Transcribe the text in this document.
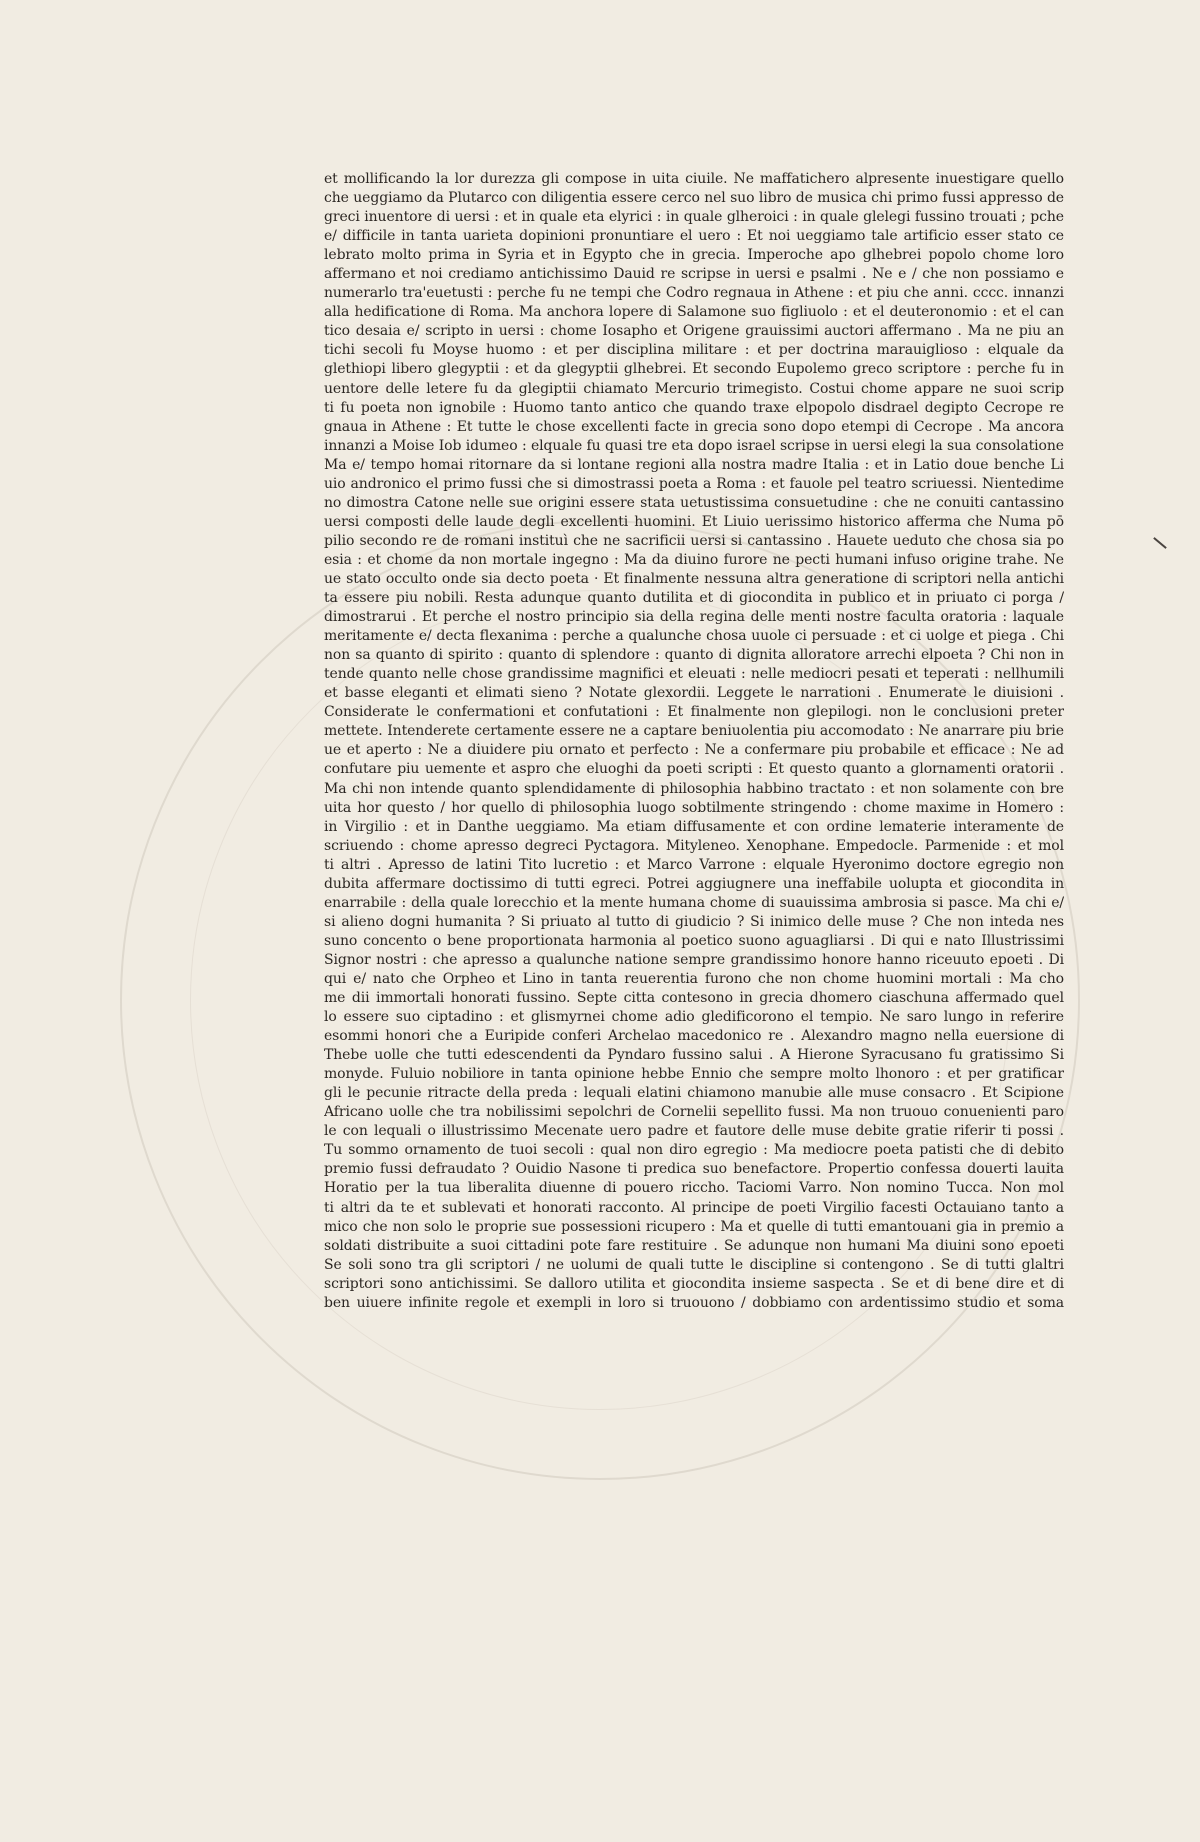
et mollificando la lor durezza gli compose in uita ciuile. Ne maffatichero alpresente inuestigare quello
che ueggiamo da Plutarco con diligentia essere cerco nel suo libro de musica chi primo fussi appresso de
greci inuentore di uersi : et in quale eta elyrici : in quale glheroici : in quale glelegi fussino trouati ; pche
e/ difficile in tanta uarieta dopinioni pronuntiare el uero : Et noi ueggiamo tale artificio esser stato ce
lebrato molto prima in Syria et in Egypto che in grecia. Imperoche apo glhebrei popolo chome loro
affermano et noi crediamo antichissimo Dauid re scripse in uersi e psalmi . Ne e / che non possiamo e
numerarlo tra'euetusti : perche fu ne tempi che Codro regnaua in Athene : et piu che anni. cccc. innanzi
alla hedificatione di Roma. Ma anchora lopere di Salamone suo figliuolo : et el deuteronomio : et el can
tico desaia e/ scripto in uersi : chome Iosapho et Origene grauissimi auctori affermano . Ma ne piu an
tichi secoli fu Moyse huomo : et per disciplina militare : et per doctrina marauiglioso : elquale da
glethiopi libero glegyptii : et da glegyptii glhebrei. Et secondo Eupolemo greco scriptore : perche fu in
uentore delle letere fu da glegiptii chiamato Mercurio trimegisto. Costui chome appare ne suoi scrip
ti fu poeta non ignobile : Huomo tanto antico che quando traxe elpopolo disdrael degipto Cecrope re
gnaua in Athene : Et tutte le chose excellenti facte in grecia sono dopo etempi di Cecrope . Ma ancora
innanzi a Moise Iob idumeo : elquale fu quasi tre eta dopo israel scripse in uersi elegi la sua consolatione
Ma e/ tempo homai ritornare da si lontane regioni alla nostra madre Italia : et in Latio doue benche Li
uio andronico el primo fussi che si dimostrassi poeta a Roma : et fauole pel teatro scriuessi. Nientedime
no dimostra Catone nelle sue origini essere stata uetustissima consuetudine : che ne conuiti cantassino
uersi composti delle laude degli excellenti huomini. Et Liuio uerissimo historico afferma che Numa pō
pilio secondo re de romani instituì che ne sacrificii uersi si cantassino . Hauete ueduto che chosa sia po
esia : et chome da non mortale ingegno : Ma da diuino furore ne pecti humani infuso origine trahe. Ne
ue stato occulto onde sia decto poeta · Et finalmente nessuna altra generatione di scriptori nella antichi
ta essere piu nobili. Resta adunque quanto dutilita et di giocondita in publico et in priuato ci porga /
dimostrarui . Et perche el nostro principio sia della regina delle menti nostre faculta oratoria : laquale
meritamente e/ decta flexanima : perche a qualunche chosa uuole ci persuade : et ci uolge et piega . Chi
non sa quanto di spirito : quanto di splendore : quanto di dignita alloratore arrechi elpoeta ? Chi non in
tende quanto nelle chose grandissime magnifici et eleuati : nelle mediocri pesati et teperati : nellhumili
et basse eleganti et elimati sieno ? Notate glexordii. Leggete le narrationi . Enumerate le diuisioni .
Considerate le confermationi et confutationi : Et finalmente non glepilogi. non le conclusioni preter
mettete. Intenderete certamente essere ne a captare beniuolentia piu accomodato : Ne anarrare piu brie
ue et aperto : Ne a diuidere piu ornato et perfecto : Ne a confermare piu probabile et efficace : Ne ad
confutare piu uemente et aspro che eluoghi da poeti scripti : Et questo quanto a glornamenti oratorii .
Ma chi non intende quanto splendidamente di philosophia habbino tractato : et non solamente con bre
uita hor questo / hor quello di philosophia luogo sobtilmente stringendo : chome maxime in Homero :
in Virgilio : et in Danthe ueggiamo. Ma etiam diffusamente et con ordine lematerie interamente de
scriuendo : chome apresso degreci Pyctagora. Mityleneo. Xenophane. Empedocle. Parmenide : et mol
ti altri . Apresso de latini Tito lucretio : et Marco Varrone : elquale Hyeronimo doctore egregio non
dubita affermare doctissimo di tutti egreci. Potrei aggiugnere una ineffabile uolupta et giocondita in
enarrabile : della quale lorecchio et la mente humana chome di suauissima ambrosia si pasce. Ma chi e/
si alieno dogni humanita ? Si priuato al tutto di giudicio ? Si inimico delle muse ? Che non inteda nes
suno concento o bene proportionata harmonia al poetico suono aguagliarsi . Di qui e nato Illustrissimi
Signor nostri : che apresso a qualunche natione sempre grandissimo honore hanno riceuuto epoeti . Di
qui e/ nato che Orpheo et Lino in tanta reuerentia furono che non chome huomini mortali : Ma cho
me dii immortali honorati fussino. Septe citta contesono in grecia dhomero ciaschuna affermado quel
lo essere suo ciptadino : et glismyrnei chome adio gledificorono el tempio. Ne saro lungo in referire
esommi honori che a Euripide conferi Archelao macedonico re . Alexandro magno nella euersione di
Thebe uolle che tutti edescendenti da Pyndaro fussino salui . A Hierone Syracusano fu gratissimo Si
monyde. Fuluio nobiliore in tanta opinione hebbe Ennio che sempre molto lhonoro : et per gratificar
gli le pecunie ritracte della preda : lequali elatini chiamono manubie alle muse consacro . Et Scipione
Africano uolle che tra nobilissimi sepolchri de Cornelii sepellito fussi. Ma non truouo conuenienti paro
le con lequali o illustrissimo Mecenate uero padre et fautore delle muse debite gratie riferir ti possi .
Tu sommo ornamento de tuoi secoli : qual non diro egregio : Ma mediocre poeta patisti che di debito
premio fussi defraudato ? Ouidio Nasone ti predica suo benefactore. Propertio confessa douerti lauita
Horatio per la tua liberalita diuenne di pouero riccho. Taciomi Varro. Non nomino Tucca. Non mol
ti altri da te et sublevati et honorati racconto. Al principe de poeti Virgilio facesti Octauiano tanto a
mico che non solo le proprie sue possessioni ricupero : Ma et quelle di tutti emantouani gia in premio a
soldati distribuite a suoi cittadini pote fare restituire . Se adunque non humani Ma diuini sono epoeti
Se soli sono tra gli scriptori / ne uolumi de quali tutte le discipline si contengono . Se di tutti glaltri
scriptori sono antichissimi. Se dalloro utilita et giocondita insieme saspecta . Se et di bene dire et di
ben uiuere infinite regole et exempli in loro si truouono / dobbiamo con ardentissimo studio et soma
